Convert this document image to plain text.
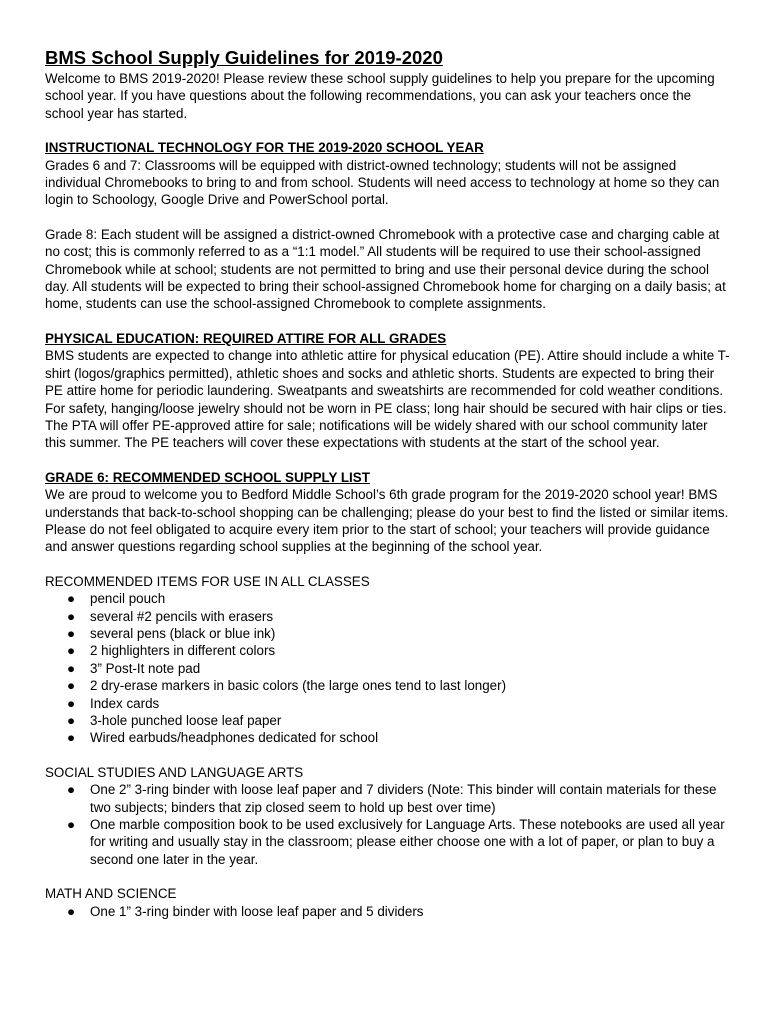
BMS School Supply Guidelines for 2019-2020

Welcome to BMS 2019-2020! Please review these school supply guidelines to help you prepare for the upcoming school year. If you have questions about the following recommendations, you can ask your teachers once the school year has started.

INSTRUCTIONAL TECHNOLOGY FOR THE 2019-2020 SCHOOL YEAR

Grades 6 and 7: Classrooms will be equipped with district-owned technology; students will not be assigned individual Chromebooks to bring to and from school. Students will need access to technology at home so they can login to Schoology, Google Drive and PowerSchool portal.

Grade 8: Each student will be assigned a district-owned Chromebook with a protective case and charging cable at no cost; this is commonly referred to as a “1:1 model.” All students will be required to use their school-assigned Chromebook while at school; students are not permitted to bring and use their personal device during the school day. All students will be expected to bring their school-assigned Chromebook home for charging on a daily basis; at home, students can use the school-assigned Chromebook to complete assignments.

PHYSICAL EDUCATION: REQUIRED ATTIRE FOR ALL GRADES

BMS students are expected to change into athletic attire for physical education (PE). Attire should include a white T-shirt (logos/graphics permitted), athletic shoes and socks and athletic shorts. Students are expected to bring their PE attire home for periodic laundering. Sweatpants and sweatshirts are recommended for cold weather conditions. For safety, hanging/loose jewelry should not be worn in PE class; long hair should be secured with hair clips or ties. The PTA will offer PE-approved attire for sale; notifications will be widely shared with our school community later this summer. The PE teachers will cover these expectations with students at the start of the school year.

GRADE 6: RECOMMENDED SCHOOL SUPPLY LIST

We are proud to welcome you to Bedford Middle School’s 6th grade program for the 2019-2020 school year! BMS understands that back-to-school shopping can be challenging; please do your best to find the listed or similar items. Please do not feel obligated to acquire every item prior to the start of school; your teachers will provide guidance and answer questions regarding school supplies at the beginning of the school year.

RECOMMENDED ITEMS FOR USE IN ALL CLASSES

● pencil pouch
● several #2 pencils with erasers
● several pens (black or blue ink)
● 2 highlighters in different colors
● 3” Post-It note pad
● 2 dry-erase markers in basic colors (the large ones tend to last longer)
● Index cards
● 3-hole punched loose leaf paper
● Wired earbuds/headphones dedicated for school

SOCIAL STUDIES AND LANGUAGE ARTS

● One 2” 3-ring binder with loose leaf paper and 7 dividers (Note: This binder will contain materials for these two subjects; binders that zip closed seem to hold up best over time)
● One marble composition book to be used exclusively for Language Arts. These notebooks are used all year for writing and usually stay in the classroom; please either choose one with a lot of paper, or plan to buy a second one later in the year.

MATH AND SCIENCE

● One 1” 3-ring binder with loose leaf paper and 5 dividers
